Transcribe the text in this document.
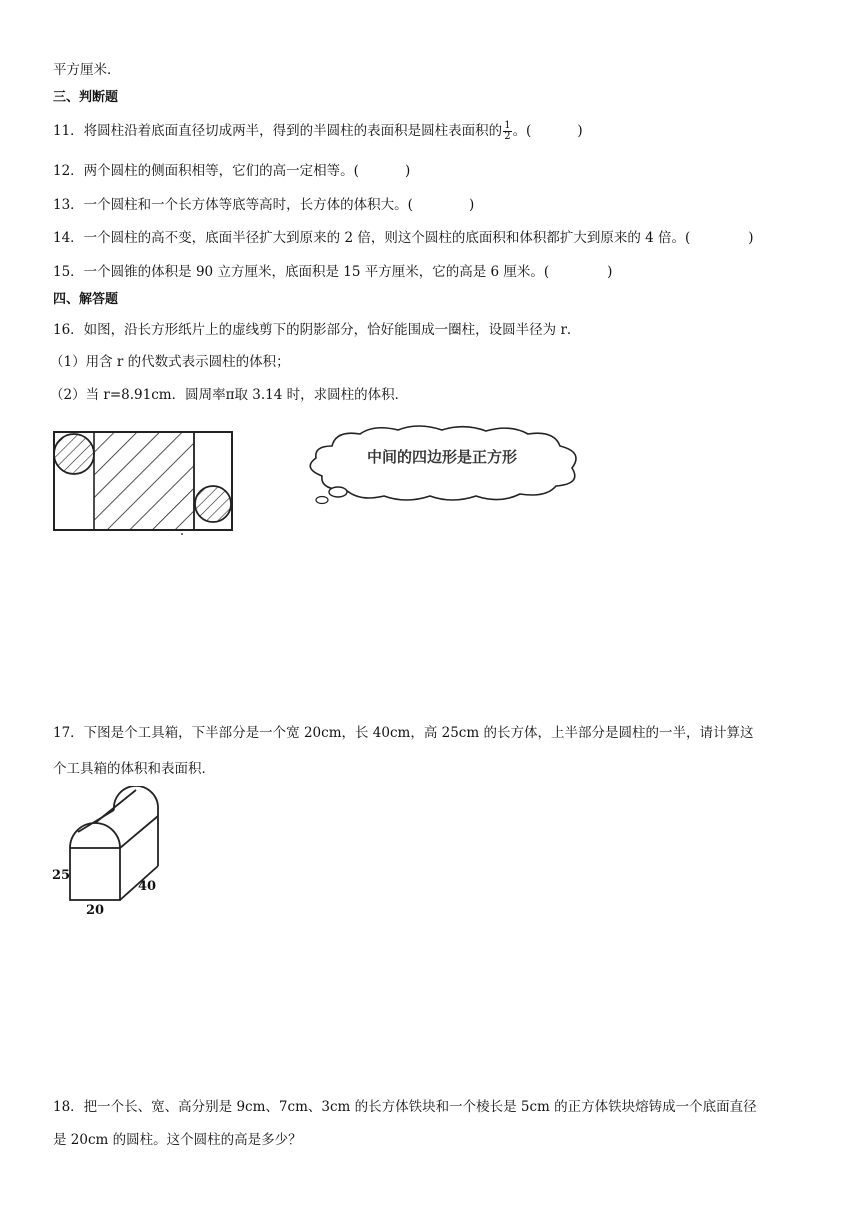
平方厘米．
三、判断题
11．将圆柱沿着底面直径切成两半，得到的半圆柱的表面积是圆柱表面积的 $\frac{1}{2}$ 。(	)
12．两个圆柱的侧面积相等，它们的高一定相等。(	)
13．一个圆柱和一个长方体等底等高时，长方体的体积大。(	)
14．一个圆柱的高不变，底面半径扩大到原来的 2 倍，则这个圆柱的底面积和体积都扩大到原来的 4 倍。(	)
15．一个圆锥的体积是 90 立方厘米，底面积是 15 平方厘米，它的高是 6 厘米。(	)
四、解答题
16．如图，沿长方形纸片上的虚线剪下的阴影部分，恰好能围成一圈柱，设圆半径为 r．
（1）用含 r 的代数式表示圆柱的体积；
（2）当 r=8.91cm．圆周率π取 3.14 时，求圆柱的体积．
中间的四边形是正方形
17．下图是个工具箱，下半部分是一个宽 20cm，长 40cm，高 25cm 的长方体，上半部分是圆柱的一半，请计算这
个工具箱的体积和表面积．
25
40
20
18．把一个长、宽、高分别是 9cm、7cm、3cm 的长方体铁块和一个棱长是 5cm 的正方体铁块熔铸成一个底面直径
是 20cm 的圆柱。这个圆柱的高是多少？
